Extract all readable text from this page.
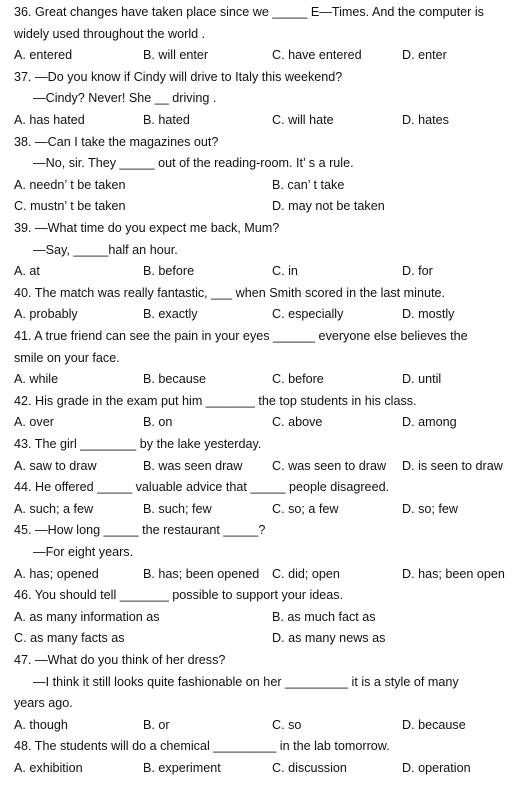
36. Great changes have taken place since we _____ E—Times. And the computer is
widely used throughout the world .
A. entered	B. will enter	C. have entered	D. enter
37. —Do you know if Cindy will drive to Italy this weekend?
—Cindy? Never! She __ driving .
A. has hated	B. hated	C. will hate	D. hates
38. —Can I take the magazines out?
—No, sir. They _____ out of the reading-room. It’ s a rule.
A. needn’ t be taken	B. can’ t take
C. mustn’ t be taken	D. may not be taken
39. —What time do you expect me back, Mum?
—Say, _____half an hour.
A. at	B. before	C. in	D. for
40. The match was really fantastic, ___ when Smith scored in the last minute.
A. probably	B. exactly	C. especially	D. mostly
41. A true friend can see the pain in your eyes ______ everyone else believes the
smile on your face.
A. while	B. because	C. before	D. until
42. His grade in the exam put him _______ the top students in his class.
A. over	B. on	C. above	D. among
43. The girl ________ by the lake yesterday.
A. saw to draw	B. was seen draw C. was seen to draw D. is seen to draw
44. He offered _____ valuable advice that _____ people disagreed.
A. such; a few	B. such; few	C. so; a few	D. so; few
45. —How long _____ the restaurant _____?
—For eight years.
A. has; opened	B. has; been opened C. did; open	D. has; been open
46. You should tell _______ possible to support your ideas.
A. as many information as	B. as much fact as
C. as many facts as	D. as many news as
47. —What do you think of her dress?
—I think it still looks quite fashionable on her _________ it is a style of many
years ago.
A. though	B. or	C. so	D. because
48. The students will do a chemical _________ in the lab tomorrow.
A. exhibition	B. experiment	C. discussion	D. operation
